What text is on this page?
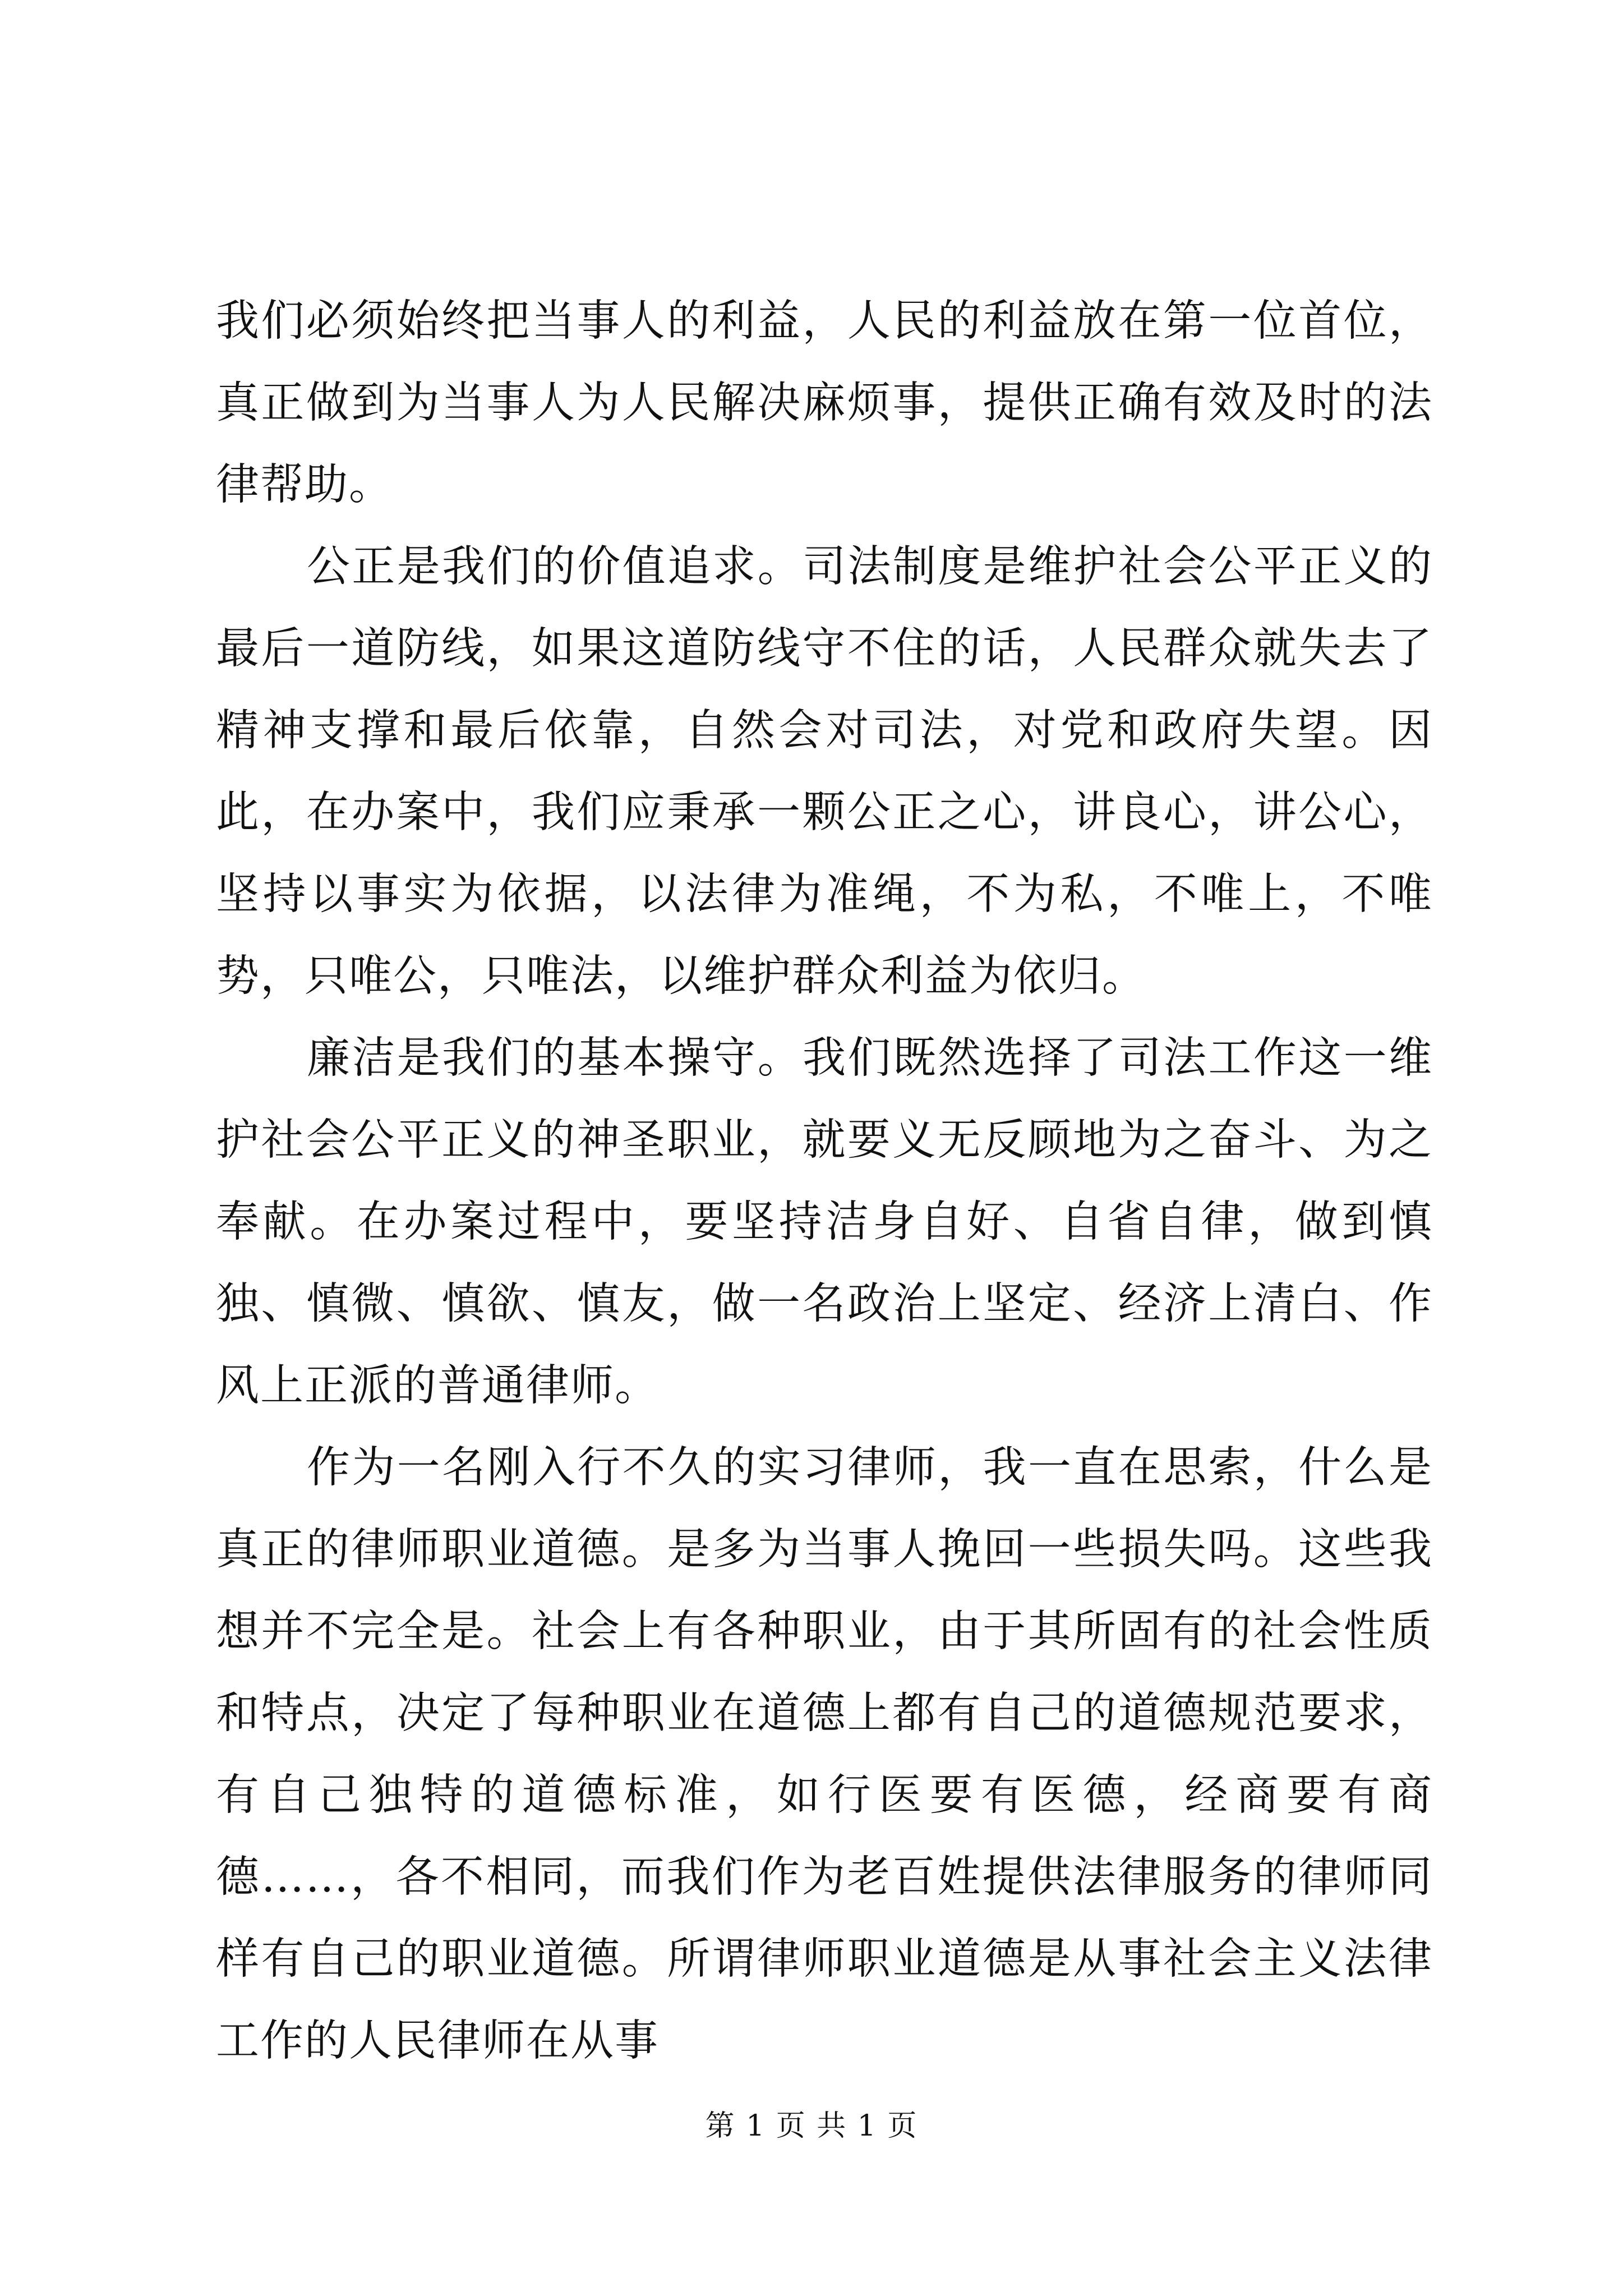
我们必须始终把当事人的利益，人民的利益放在第一位首位，真正做到为当事人为人民解决麻烦事，提供正确有效及时的法律帮助。

公正是我们的价值追求。司法制度是维护社会公平正义的最后一道防线，如果这道防线守不住的话，人民群众就失去了精神支撑和最后依靠，自然会对司法，对党和政府失望。因此，在办案中，我们应秉承一颗公正之心，讲良心，讲公心，坚持以事实为依据，以法律为准绳，不为私，不唯上，不唯势，只唯公，只唯法，以维护群众利益为依归。

廉洁是我们的基本操守。我们既然选择了司法工作这一维护社会公平正义的神圣职业，就要义无反顾地为之奋斗、为之奉献。在办案过程中，要坚持洁身自好、自省自律，做到慎独、慎微、慎欲、慎友，做一名政治上坚定、经济上清白、作风上正派的普通律师。

作为一名刚入行不久的实习律师，我一直在思索，什么是真正的律师职业道德。是多为当事人挽回一些损失吗。这些我想并不完全是。社会上有各种职业，由于其所固有的社会性质和特点，决定了每种职业在道德上都有自己的道德规范要求，有自己独特的道德标准，如行医要有医德，经商要有商德……，各不相同，而我们作为老百姓提供法律服务的律师同样有自己的职业道德。所谓律师职业道德是从事社会主义法律工作的人民律师在从事

第 1 页 共 1 页
